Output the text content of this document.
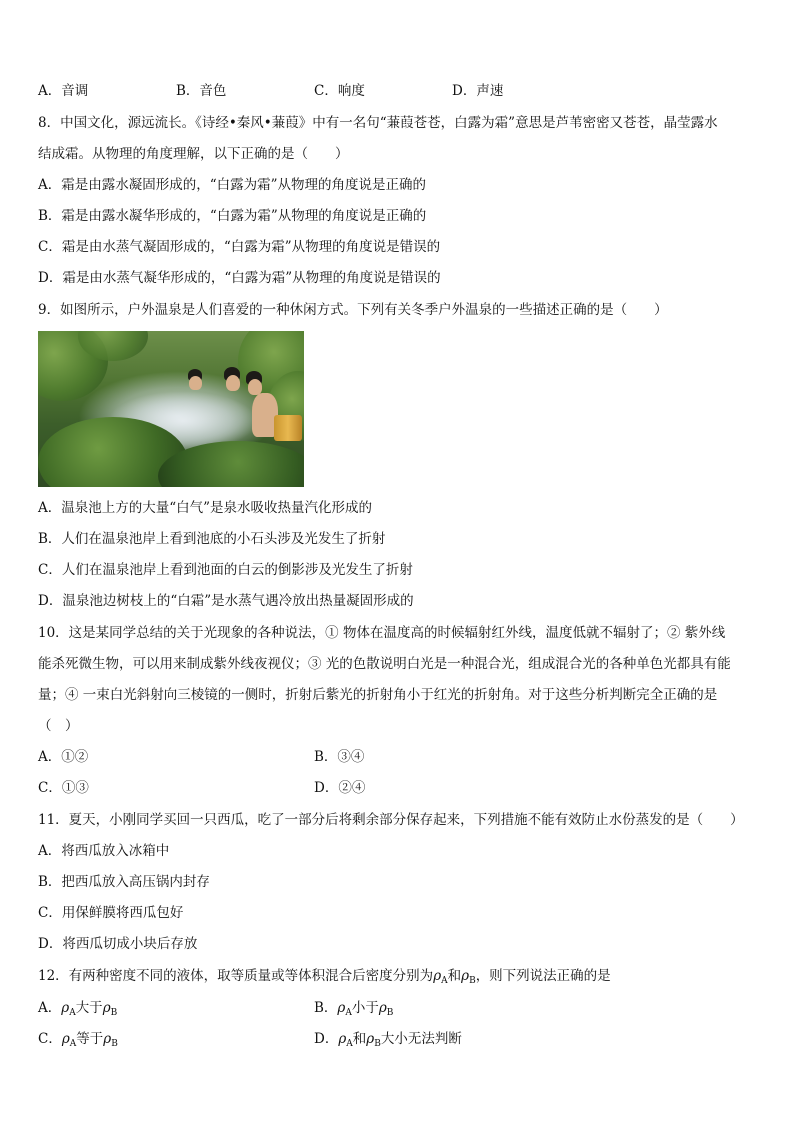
A．音调	B．音色	C．响度	D．声速
8．中国文化，源远流长。《诗经•秦风•蒹葭》中有一名句“蒹葭苍苍，白露为霜”意思是芦苇密密又苍苍，晶莹露水
结成霜。从物理的角度理解，以下正确的是（　　）
A．霜是由露水凝固形成的，“白露为霜”从物理的角度说是正确的
B．霜是由露水凝华形成的，“白露为霜”从物理的角度说是正确的
C．霜是由水蒸气凝固形成的，“白露为霜”从物理的角度说是错误的
D．霜是由水蒸气凝华形成的，“白露为霜”从物理的角度说是错误的
9．如图所示，户外温泉是人们喜爱的一种休闲方式。下列有关冬季户外温泉的一些描述正确的是（　　）
A．温泉池上方的大量“白气”是泉水吸收热量汽化形成的
B．人们在温泉池岸上看到池底的小石头涉及光发生了折射
C．人们在温泉池岸上看到池面的白云的倒影涉及光发生了折射
D．温泉池边树枝上的“白霜”是水蒸气遇冷放出热量凝固形成的
10．这是某同学总结的关于光现象的各种说法，① 物体在温度高的时候辐射红外线，温度低就不辐射了；② 紫外线
能杀死微生物，可以用来制成紫外线夜视仪；③ 光的色散说明白光是一种混合光，组成混合光的各种单色光都具有能
量；④ 一束白光斜射向三棱镜的一侧时，折射后紫光的折射角小于红光的折射角。对于这些分析判断完全正确的是
（　）
A．①②	B．③④
C．①③	D．②④
11．夏天，小刚同学买回一只西瓜，吃了一部分后将剩余部分保存起来，下列措施不能有效防止水份蒸发的是（　　）
A．将西瓜放入冰箱中
B．把西瓜放入高压锅内封存
C．用保鲜膜将西瓜包好
D．将西瓜切成小块后存放
12．有两种密度不同的液体，取等质量或等体积混合后密度分别为$\rho_A$和$\rho_B$，则下列说法正确的是
A．$\rho_A$大于$\rho_B$	B．$\rho_A$小于$\rho_B$
C．$\rho_A$等于$\rho_B$	D．$\rho_A$和$\rho_B$大小无法判断
